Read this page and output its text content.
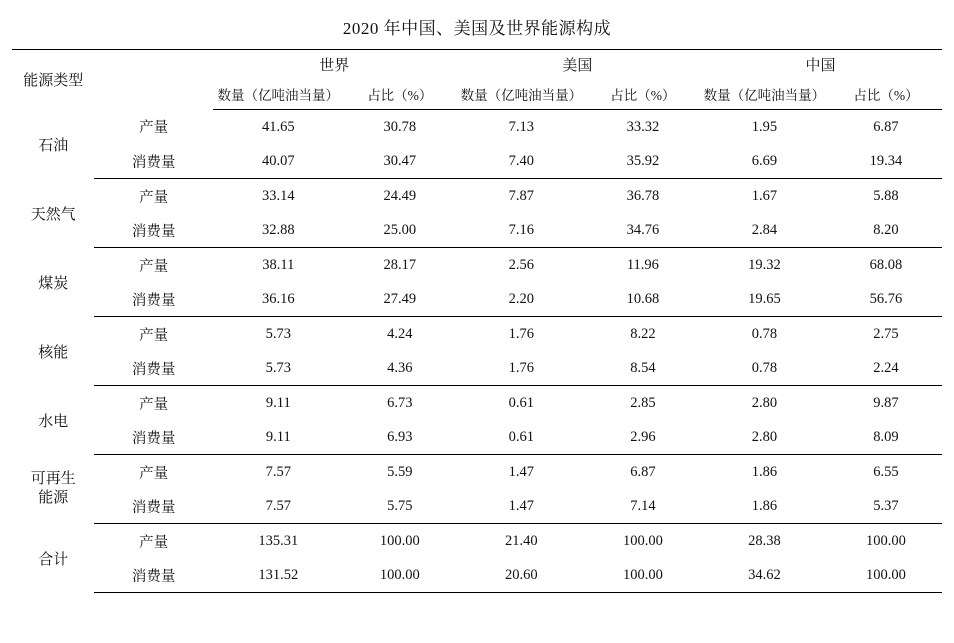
2020 年中国、美国及世界能源构成
能源类型		世界		美国		中国	
		数量（亿吨油当量）	占比（%）	数量（亿吨油当量）	占比（%）	数量（亿吨油当量）	占比（%）
石油	产量	41.65	30.78	7.13	33.32	1.95	6.87
	消费量	40.07	30.47	7.40	35.92	6.69	19.34
天然气	产量	33.14	24.49	7.87	36.78	1.67	5.88
	消费量	32.88	25.00	7.16	34.76	2.84	8.20
煤炭	产量	38.11	28.17	2.56	11.96	19.32	68.08
	消费量	36.16	27.49	2.20	10.68	19.65	56.76
核能	产量	5.73	4.24	1.76	8.22	0.78	2.75
	消费量	5.73	4.36	1.76	8.54	0.78	2.24
水电	产量	9.11	6.73	0.61	2.85	2.80	9.87
	消费量	9.11	6.93	0.61	2.96	2.80	8.09

可再生
能源	产量	7.57	5.59	1.47	6.87	1.86	6.55
	消费量	7.57	5.75	1.47	7.14	1.86	5.37
合计	产量	135.31	100.00	21.40	100.00	28.38	100.00
	消费量	131.52	100.00	20.60	100.00	34.62	100.00
